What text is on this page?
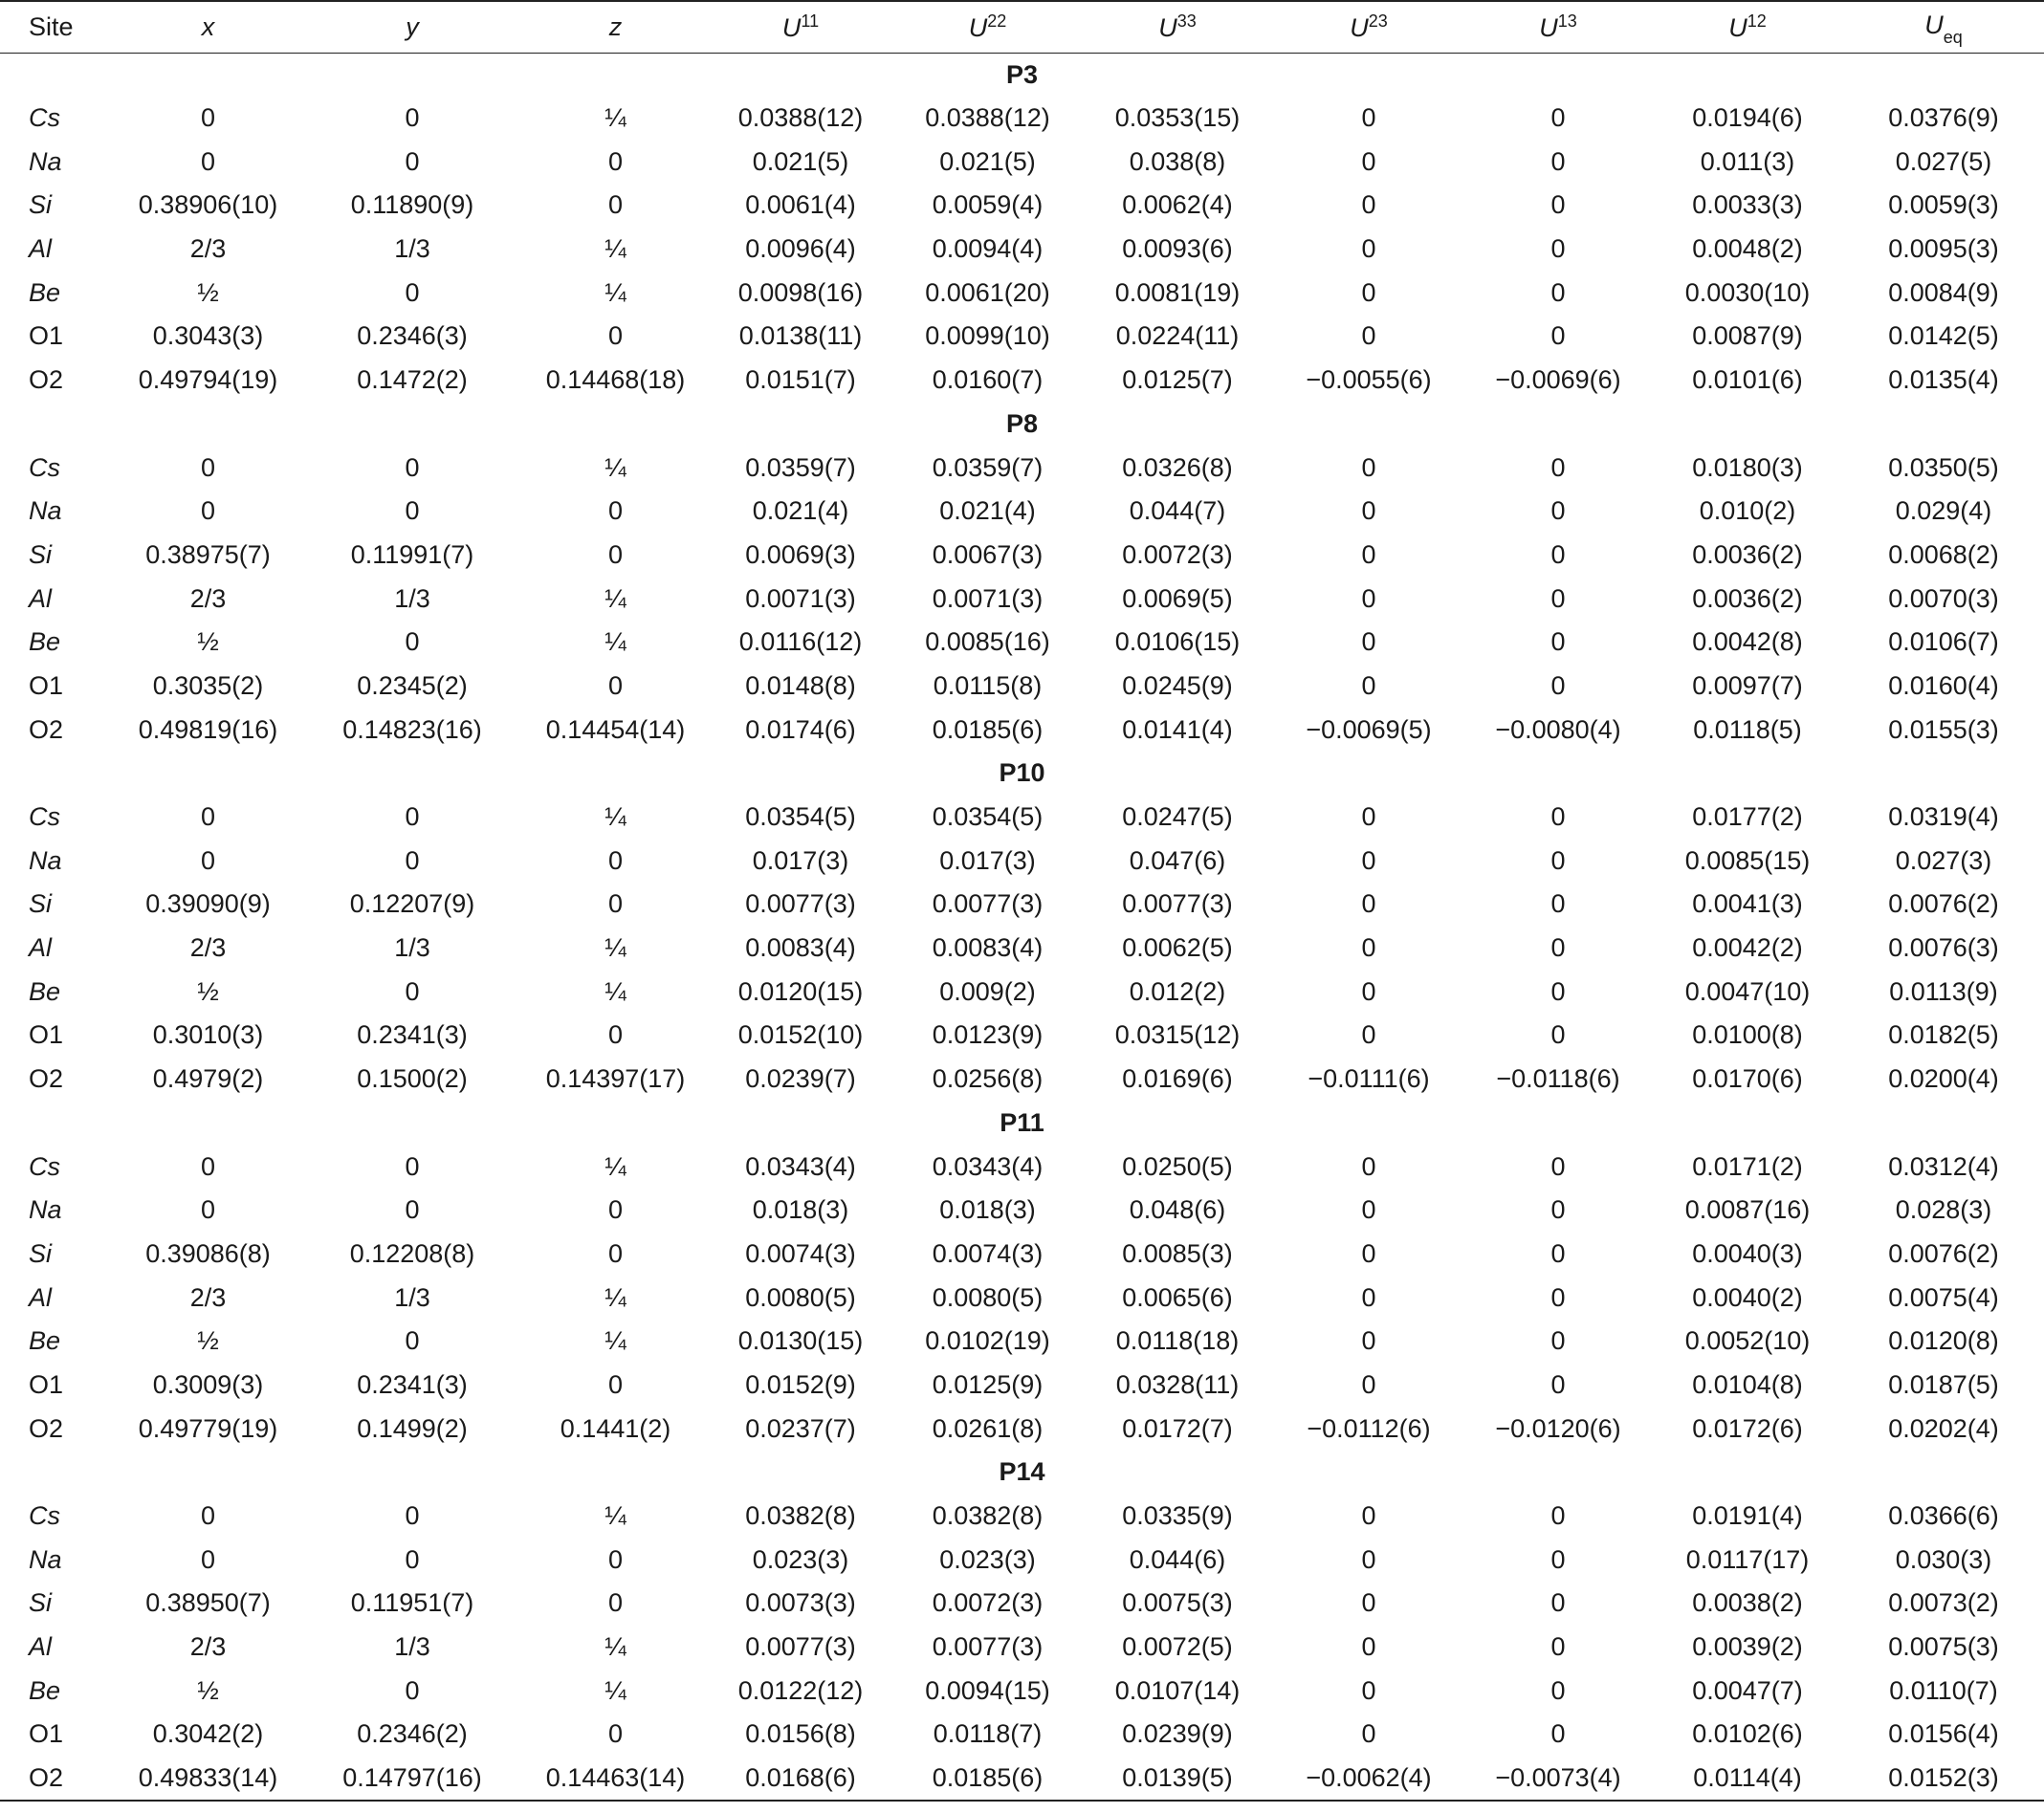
Site	x	y	z	$U^{11}$	$U^{22}$	$U^{33}$	$U^{23}$	$U^{13}$	$U^{12}$	$U_{eq}$
P3										
Cs	0	0	¼	0.0388(12)	0.0388(12)	0.0353(15)	0	0	0.0194(6)	0.0376(9)
Na	0	0	0	0.021(5)	0.021(5)	0.038(8)	0	0	0.011(3)	0.027(5)
Si	0.38906(10)	0.11890(9)	0	0.0061(4)	0.0059(4)	0.0062(4)	0	0	0.0033(3)	0.0059(3)
Al	2/3	1/3	¼	0.0096(4)	0.0094(4)	0.0093(6)	0	0	0.0048(2)	0.0095(3)
Be	½	0	¼	0.0098(16)	0.0061(20)	0.0081(19)	0	0	0.0030(10)	0.0084(9)
O1	0.3043(3)	0.2346(3)	0	0.0138(11)	0.0099(10)	0.0224(11)	0	0	0.0087(9)	0.0142(5)
O2	0.49794(19)	0.1472(2)	0.14468(18)	0.0151(7)	0.0160(7)	0.0125(7)	−0.0055(6)	−0.0069(6)	0.0101(6)	0.0135(4)
P8										
Cs	0	0	¼	0.0359(7)	0.0359(7)	0.0326(8)	0	0	0.0180(3)	0.0350(5)
Na	0	0	0	0.021(4)	0.021(4)	0.044(7)	0	0	0.010(2)	0.029(4)
Si	0.38975(7)	0.11991(7)	0	0.0069(3)	0.0067(3)	0.0072(3)	0	0	0.0036(2)	0.0068(2)
Al	2/3	1/3	¼	0.0071(3)	0.0071(3)	0.0069(5)	0	0	0.0036(2)	0.0070(3)
Be	½	0	¼	0.0116(12)	0.0085(16)	0.0106(15)	0	0	0.0042(8)	0.0106(7)
O1	0.3035(2)	0.2345(2)	0	0.0148(8)	0.0115(8)	0.0245(9)	0	0	0.0097(7)	0.0160(4)
O2	0.49819(16)	0.14823(16)	0.14454(14)	0.0174(6)	0.0185(6)	0.0141(4)	−0.0069(5)	−0.0080(4)	0.0118(5)	0.0155(3)
P10										
Cs	0	0	¼	0.0354(5)	0.0354(5)	0.0247(5)	0	0	0.0177(2)	0.0319(4)
Na	0	0	0	0.017(3)	0.017(3)	0.047(6)	0	0	0.0085(15)	0.027(3)
Si	0.39090(9)	0.12207(9)	0	0.0077(3)	0.0077(3)	0.0077(3)	0	0	0.0041(3)	0.0076(2)
Al	2/3	1/3	¼	0.0083(4)	0.0083(4)	0.0062(5)	0	0	0.0042(2)	0.0076(3)
Be	½	0	¼	0.0120(15)	0.009(2)	0.012(2)	0	0	0.0047(10)	0.0113(9)
O1	0.3010(3)	0.2341(3)	0	0.0152(10)	0.0123(9)	0.0315(12)	0	0	0.0100(8)	0.0182(5)
O2	0.4979(2)	0.1500(2)	0.14397(17)	0.0239(7)	0.0256(8)	0.0169(6)	−0.0111(6)	−0.0118(6)	0.0170(6)	0.0200(4)
P11										
Cs	0	0	¼	0.0343(4)	0.0343(4)	0.0250(5)	0	0	0.0171(2)	0.0312(4)
Na	0	0	0	0.018(3)	0.018(3)	0.048(6)	0	0	0.0087(16)	0.028(3)
Si	0.39086(8)	0.12208(8)	0	0.0074(3)	0.0074(3)	0.0085(3)	0	0	0.0040(3)	0.0076(2)
Al	2/3	1/3	¼	0.0080(5)	0.0080(5)	0.0065(6)	0	0	0.0040(2)	0.0075(4)
Be	½	0	¼	0.0130(15)	0.0102(19)	0.0118(18)	0	0	0.0052(10)	0.0120(8)
O1	0.3009(3)	0.2341(3)	0	0.0152(9)	0.0125(9)	0.0328(11)	0	0	0.0104(8)	0.0187(5)
O2	0.49779(19)	0.1499(2)	0.1441(2)	0.0237(7)	0.0261(8)	0.0172(7)	−0.0112(6)	−0.0120(6)	0.0172(6)	0.0202(4)
P14										
Cs	0	0	¼	0.0382(8)	0.0382(8)	0.0335(9)	0	0	0.0191(4)	0.0366(6)
Na	0	0	0	0.023(3)	0.023(3)	0.044(6)	0	0	0.0117(17)	0.030(3)
Si	0.38950(7)	0.11951(7)	0	0.0073(3)	0.0072(3)	0.0075(3)	0	0	0.0038(2)	0.0073(2)
Al	2/3	1/3	¼	0.0077(3)	0.0077(3)	0.0072(5)	0	0	0.0039(2)	0.0075(3)
Be	½	0	¼	0.0122(12)	0.0094(15)	0.0107(14)	0	0	0.0047(7)	0.0110(7)
O1	0.3042(2)	0.2346(2)	0	0.0156(8)	0.0118(7)	0.0239(9)	0	0	0.0102(6)	0.0156(4)
O2	0.49833(14)	0.14797(16)	0.14463(14)	0.0168(6)	0.0185(6)	0.0139(5)	−0.0062(4)	−0.0073(4)	0.0114(4)	0.0152(3)
